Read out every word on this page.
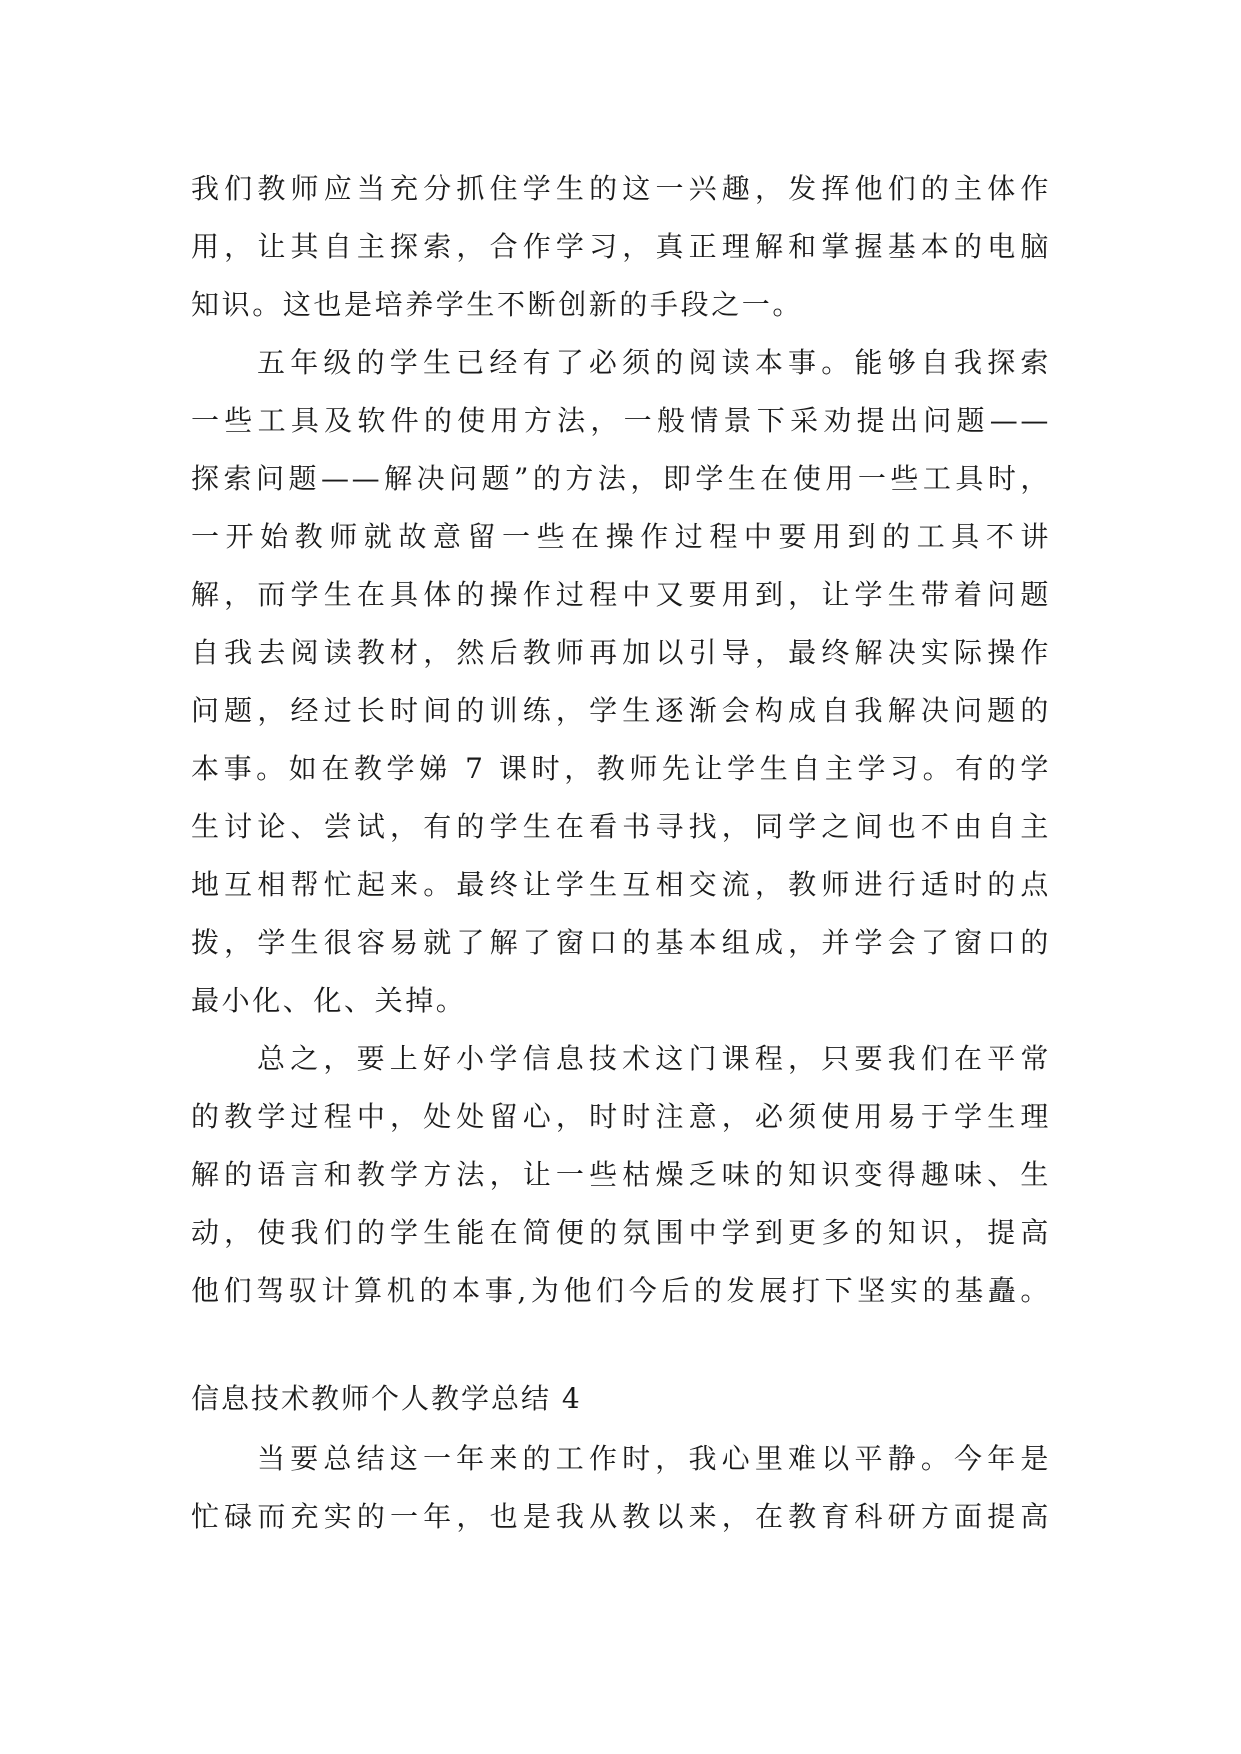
我们教师应当充分抓住学生的这一兴趣，发挥他们的主体作
用，让其自主探索，合作学习，真正理解和掌握基本的电脑
知识。这也是培养学生不断创新的手段之一。
五年级的学生已经有了必须的阅读本事。能够自我探索
一些工具及软件的使用方法，一般情景下采劝提出问题——
探索问题——解决问题”的方法，即学生在使用一些工具时，
一开始教师就故意留一些在操作过程中要用到的工具不讲
解，而学生在具体的操作过程中又要用到，让学生带着问题
自我去阅读教材，然后教师再加以引导，最终解决实际操作
问题，经过长时间的训练，学生逐渐会构成自我解决问题的
本事。如在教学娣 7 课时，教师先让学生自主学习。有的学
生讨论、尝试，有的学生在看书寻找，同学之间也不由自主
地互相帮忙起来。最终让学生互相交流，教师进行适时的点
拨，学生很容易就了解了窗口的基本组成，并学会了窗口的
最小化、化、关掉。
总之，要上好小学信息技术这门课程，只要我们在平常
的教学过程中，处处留心，时时注意，必须使用易于学生理
解的语言和教学方法，让一些枯燥乏味的知识变得趣味、生
动，使我们的学生能在简便的氛围中学到更多的知识，提高
他们驾驭计算机的本事,为他们今后的发展打下坚实的基矗。
信息技术教师个人教学总结 4
当要总结这一年来的工作时，我心里难以平静。今年是
忙碌而充实的一年，也是我从教以来，在教育科研方面提高
